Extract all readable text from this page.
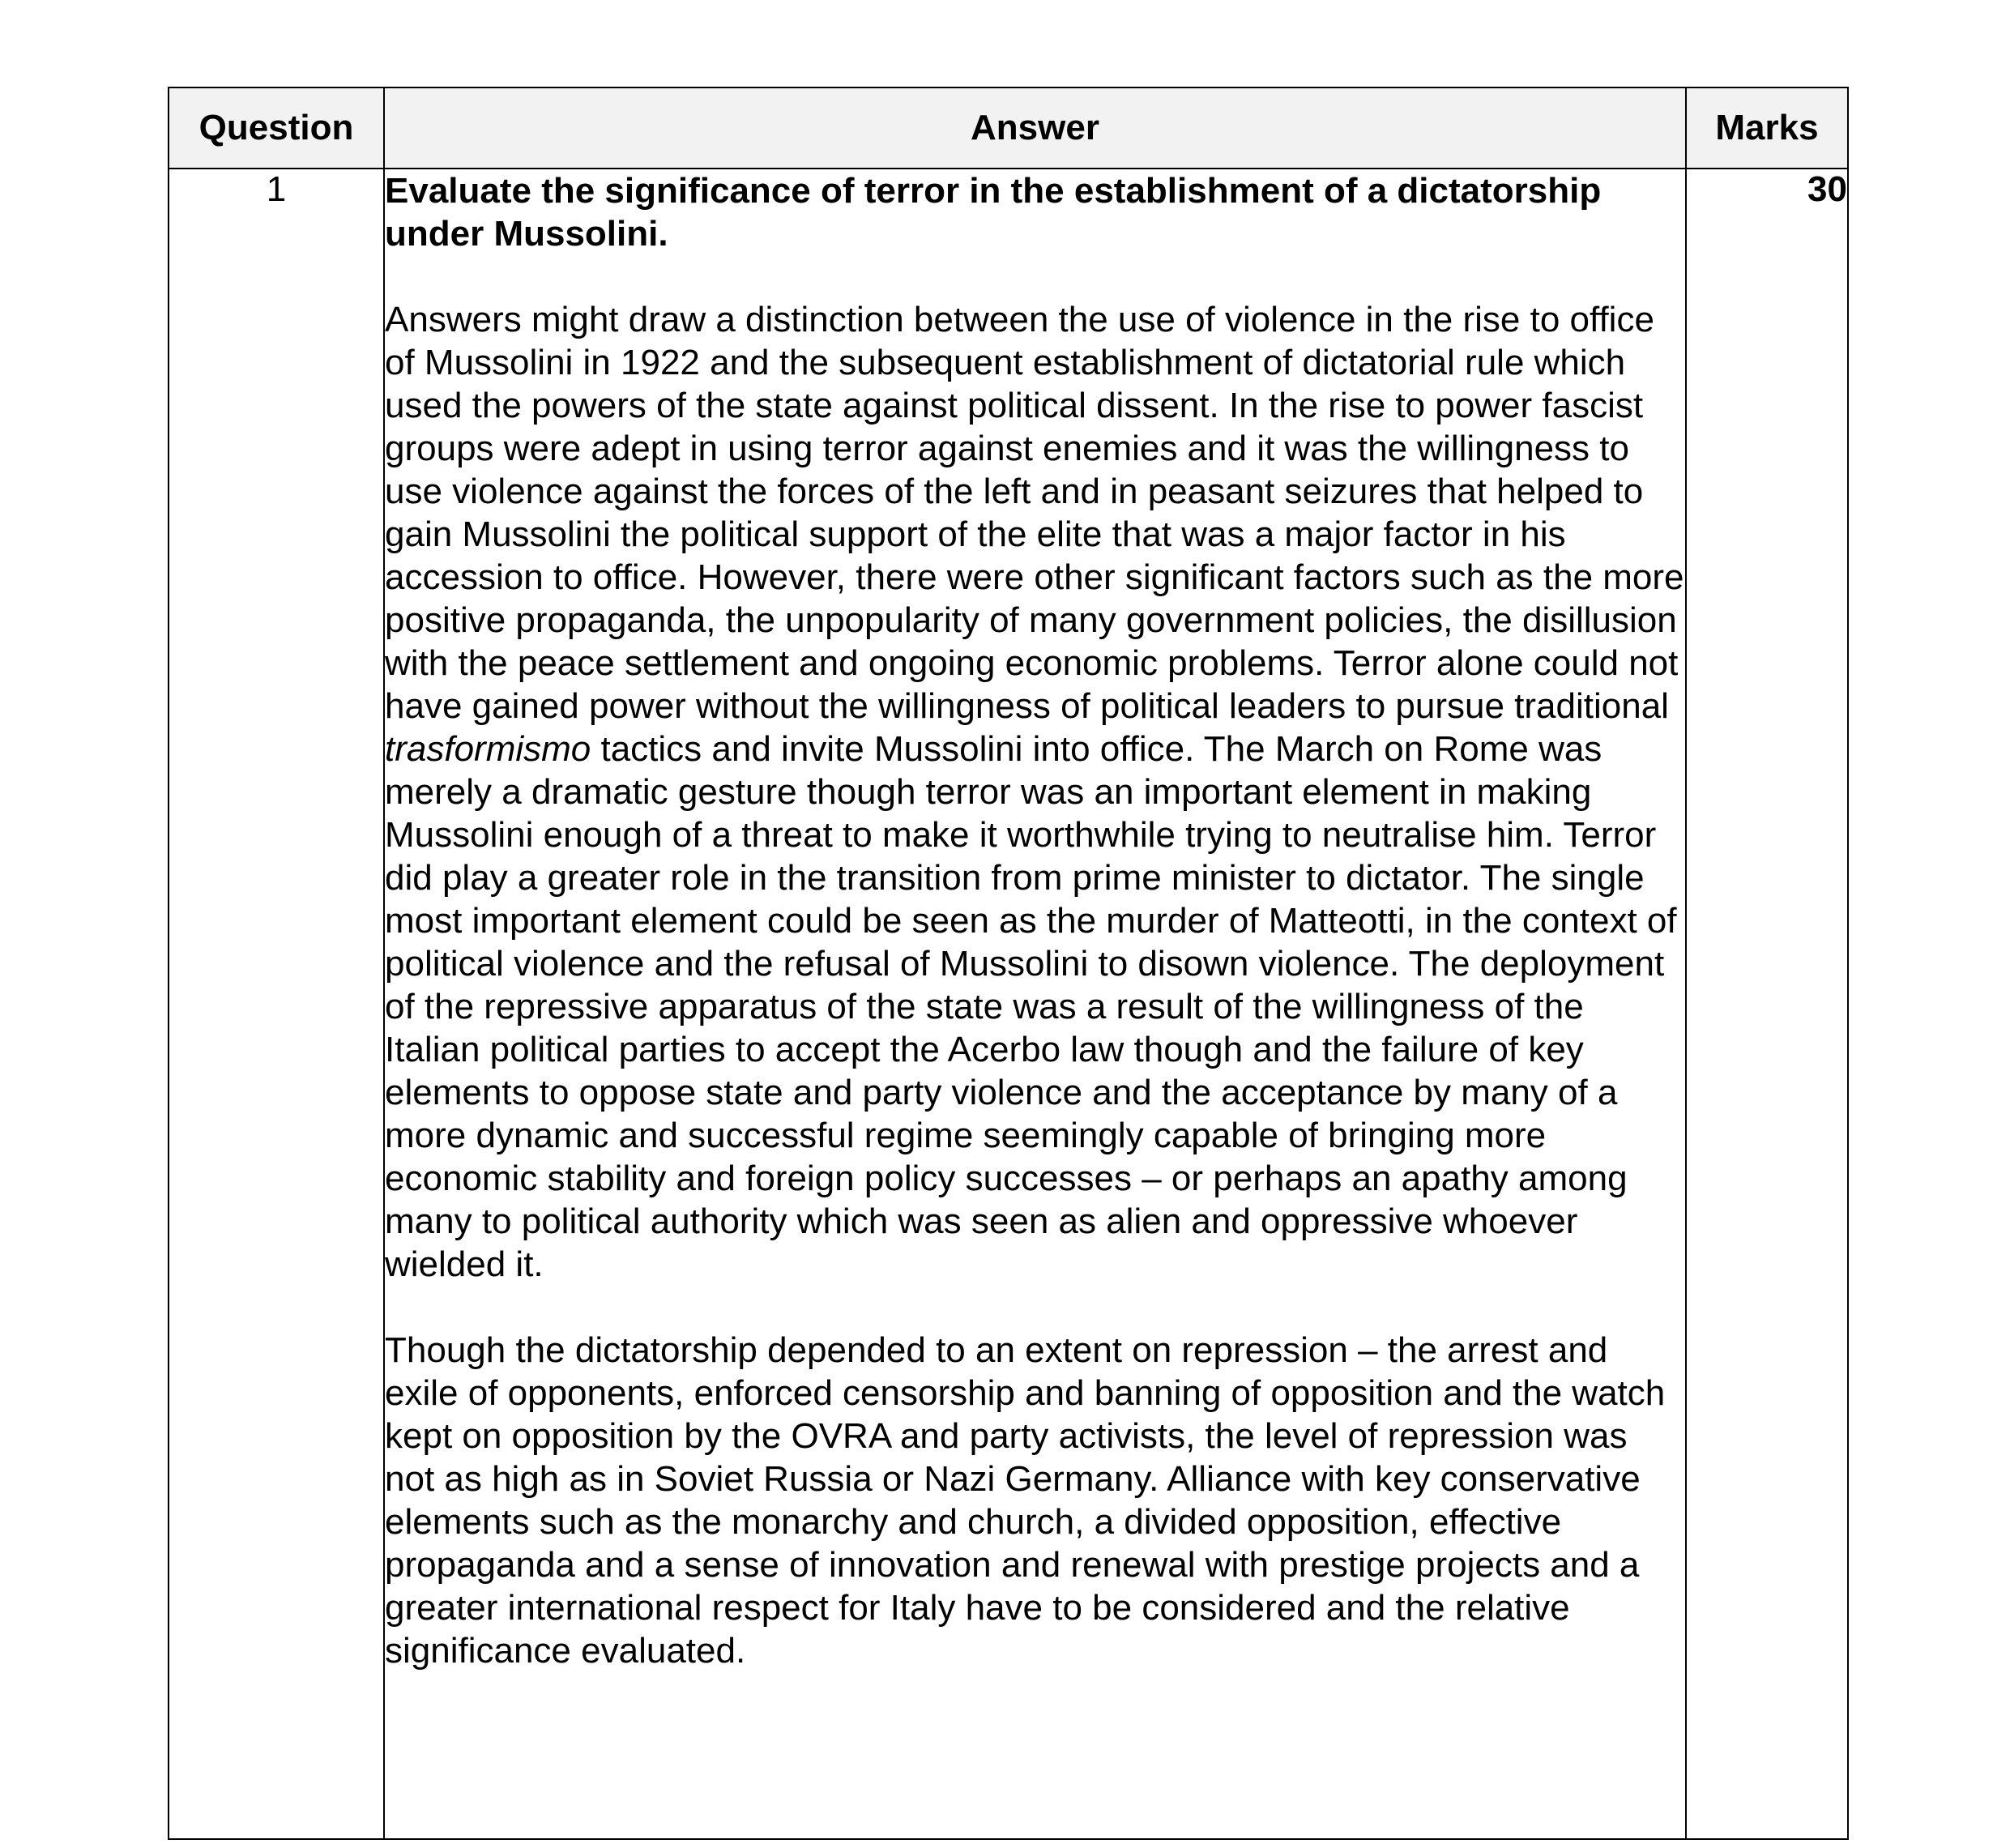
Question	Answer	Marks
1	Evaluate the significance of terror in the establishment of a dictatorship under Mussolini.

Answers might draw a distinction between the use of violence in the rise to office of Mussolini in 1922 and the subsequent establishment of dictatorial rule which used the powers of the state against political dissent. In the rise to power fascist groups were adept in using terror against enemies and it was the willingness to use violence against the forces of the left and in peasant seizures that helped to gain Mussolini the political support of the elite that was a major factor in his accession to office. However, there were other significant factors such as the more positive propaganda, the unpopularity of many government policies, the disillusion with the peace settlement and ongoing economic problems. Terror alone could not have gained power without the willingness of political leaders to pursue traditional trasformismo tactics and invite Mussolini into office. The March on Rome was merely a dramatic gesture though terror was an important element in making Mussolini enough of a threat to make it worthwhile trying to neutralise him. Terror did play a greater role in the transition from prime minister to dictator. The single most important element could be seen as the murder of Matteotti, in the context of political violence and the refusal of Mussolini to disown violence. The deployment of the repressive apparatus of the state was a result of the willingness of the Italian political parties to accept the Acerbo law though and the failure of key elements to oppose state and party violence and the acceptance by many of a more dynamic and successful regime seemingly capable of bringing more economic stability and foreign policy successes – or perhaps an apathy among many to political authority which was seen as alien and oppressive whoever wielded it.

Though the dictatorship depended to an extent on repression – the arrest and exile of opponents, enforced censorship and banning of opposition and the watch kept on opposition by the OVRA and party activists, the level of repression was not as high as in Soviet Russia or Nazi Germany. Alliance with key conservative elements such as the monarchy and church, a divided opposition, effective propaganda and a sense of innovation and renewal with prestige projects and a greater international respect for Italy have to be considered and the relative significance evaluated.	30
